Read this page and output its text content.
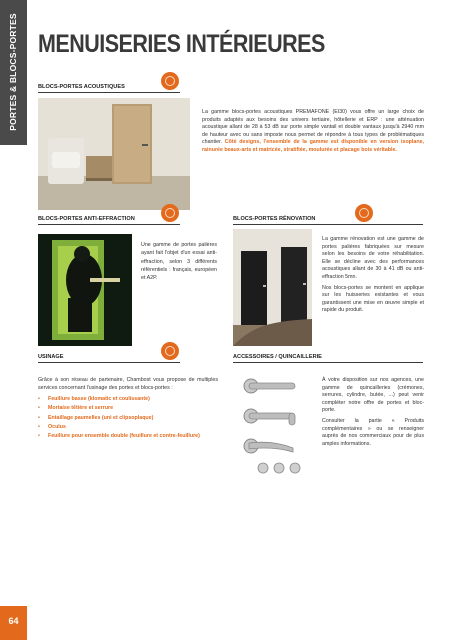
PORTES & BLOCS-PORTES MENUISERIES INTÉRIEURES
BLOCS-PORTES ACOUSTIQUES
La gamme blocs-portes acoustiques PREMAFONE (EI30) vous offre un large choix de produits adaptés aux besoins des univers tertiaire, hôtellerie et ERP : une atténuation acoustique allant de 28 à 53 dB sur porte simple vantail et double vantaux jusqu'à 2940 mm de hauteur avec ou sans imposte nous permet de répondre à tous types de problématiques chantier. Côté designs, l'ensemble de la gamme est disponible en version isoplane, rainurée beaux-arts et matricée, stratifiée, moulurée et placage bois véritable.
BLOCS-PORTES ANTI-EFFRACTION
Une gamme de portes palières ayant fait l'objet d'un essai anti-effraction, selon 3 différents référentiels : français, européen et A2P.
BLOCS-PORTES RÉNOVATION
La gamme rénovation est une gamme de portes palières fabriquées sur mesure selon les besoins de votre réhabilitation. Elle se décline avec des performances acoustiques allant de 30 à 41 dB ou anti-effraction 5mn.
Nos blocs-portes se montent en applique sur les huisseries existantes et vous garantissent une mise en œuvre simple et rapide du produit.
USINAGE
Grâce à son réseau de partenaire, Chambost vous propose de multiples services concernant l'usinage des portes et blocs-portes :
• Feuillure basse (klomatic et coulissante)
• Mortaise têtière et serrure
• Entaillage paumelles (uni et clipsoplaque)
• Oculus
• Feuillure pour ensemble double (feuillure et contre-feuillure)
ACCESSOIRES / QUINCAILLERIE
À votre disposition sur nos agences, une gamme de quincailleries (crémones, serrures, cylindre, butée, ...) peut venir compléter notre offre de portes et bloc-porte.
Consulter la partie « Produits complémentaires » ou se renseigner auprès de nos commerciaux pour de plus amples informations.
64
